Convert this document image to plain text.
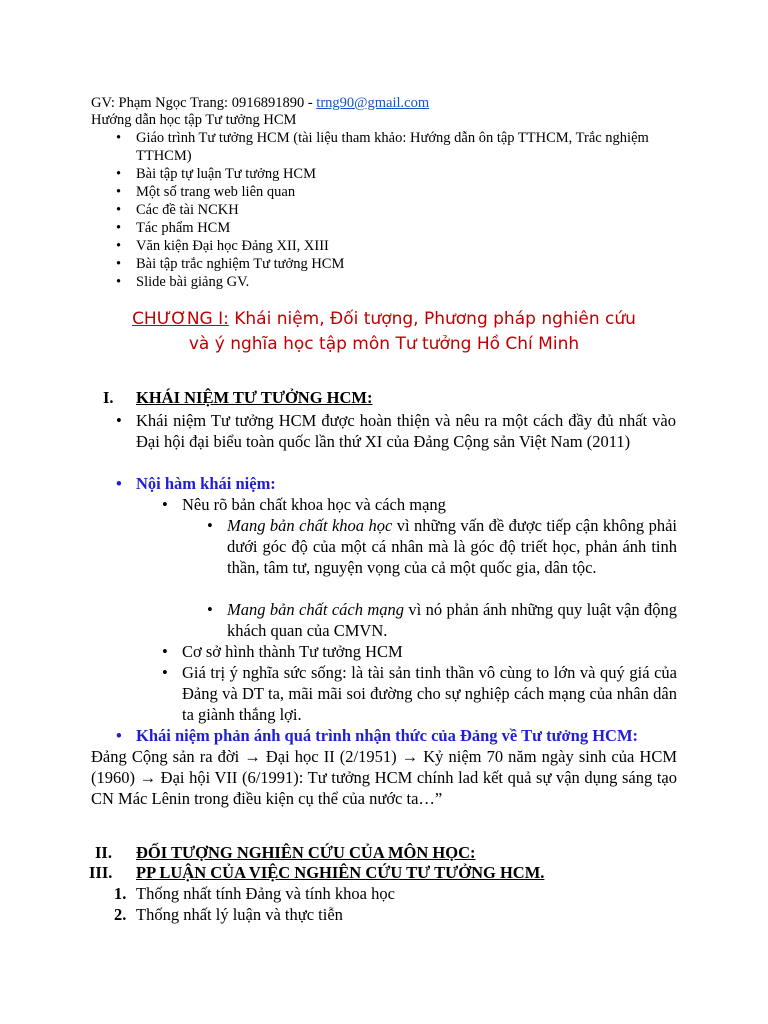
GV: Phạm Ngọc Trang: 0916891890 - trng90@gmail.com
Hướng dẫn học tập Tư tưởng HCM
•
Giáo trình Tư tưởng HCM (tài liệu tham khảo: Hướng dẫn ôn tập TTHCM, Trắc nghiệm
TTHCM)
•
Bài tập tự luận Tư tưởng HCM
•
Một số trang web liên quan
•
Các đề tài NCKH
•
Tác phẩm HCM
•
Văn kiện Đại học Đảng XII, XIII
•
Bài tập trắc nghiệm Tư tưởng HCM
•
Slide bài giảng GV.
CHƯƠNG I: Khái niệm, Đối tượng, Phương pháp nghiên cứu
và ý nghĩa học tập môn Tư tưởng Hồ Chí Minh
I. KHÁI NIỆM TƯ TƯỞNG HCM:
•
Khái niệm Tư tưởng HCM được hoàn thiện và nêu ra một cách đầy đủ nhất vào Đại hội đại biểu toàn quốc lần thứ XI của Đảng Cộng sản Việt Nam (2011)
•
Nội hàm khái niệm:
•
Nêu rõ bản chất khoa học và cách mạng
•
Mang bản chất khoa học vì những vấn đề được tiếp cận không phải dưới góc độ của một cá nhân mà là góc độ triết học, phản ánh tinh thần, tâm tư, nguyện vọng của cả một quốc gia, dân tộc.
•
Mang bản chất cách mạng vì nó phản ánh những quy luật vận động khách quan của CMVN.
•
Cơ sở hình thành Tư tưởng HCM
•
Giá trị ý nghĩa sức sống: là tài sản tinh thần vô cùng to lớn và quý giá của Đảng và DT ta, mãi mãi soi đường cho sự nghiệp cách mạng của nhân dân ta giành thắng lợi.
•
Khái niệm phản ánh quá trình nhận thức của Đảng về Tư tưởng HCM:
Đảng Cộng sản ra đời → Đại học II (2/1951) → Kỷ niệm 70 năm ngày sinh của HCM (1960) → Đại hội VII (6/1991): Tư tưởng HCM chính lad kết quả sự vận dụng sáng tạo CN Mác Lênin trong điều kiện cụ thể của nước ta…”
II. ĐỐI TƯỢNG NGHIÊN CỨU CỦA MÔN HỌC:
III. PP LUẬN CỦA VIỆC NGHIÊN CỨU TƯ TƯỞNG HCM.
1. Thống nhất tính Đảng và tính khoa học
2. Thống nhất lý luận và thực tiễn
